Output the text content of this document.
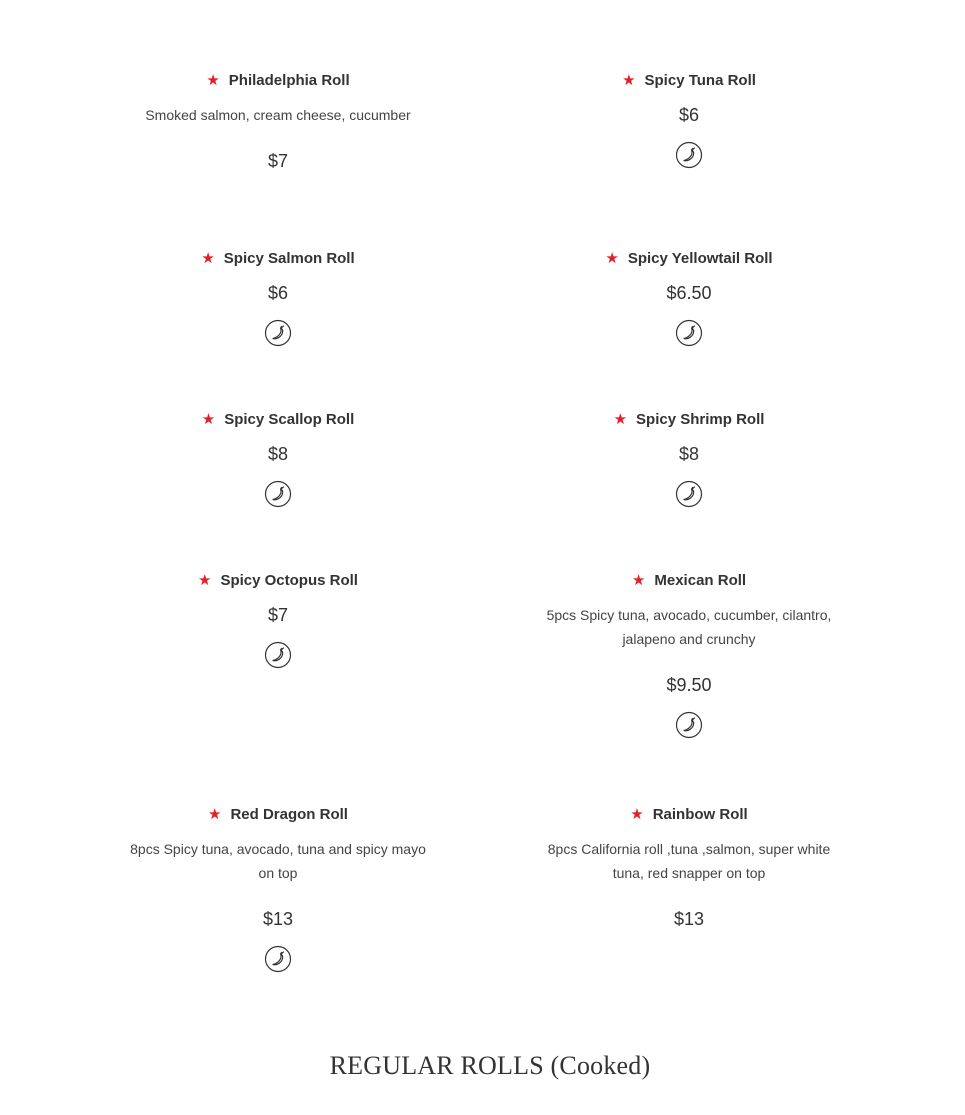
★ Philadelphia Roll
Smoked salmon, cream cheese, cucumber
$7
★ Spicy Tuna Roll
$6
★ Spicy Salmon Roll
$6
★ Spicy Yellowtail Roll
$6.50
★ Spicy Scallop Roll
$8
★ Spicy Shrimp Roll
$8
★ Spicy Octopus Roll
$7
★ Mexican Roll
5pcs Spicy tuna, avocado, cucumber, cilantro, jalapeno and crunchy
$9.50
★ Red Dragon Roll
8pcs Spicy tuna, avocado, tuna and spicy mayo on top
$13
★ Rainbow Roll
8pcs California roll ,tuna ,salmon, super white tuna, red snapper on top
$13
REGULAR ROLLS (Cooked)
